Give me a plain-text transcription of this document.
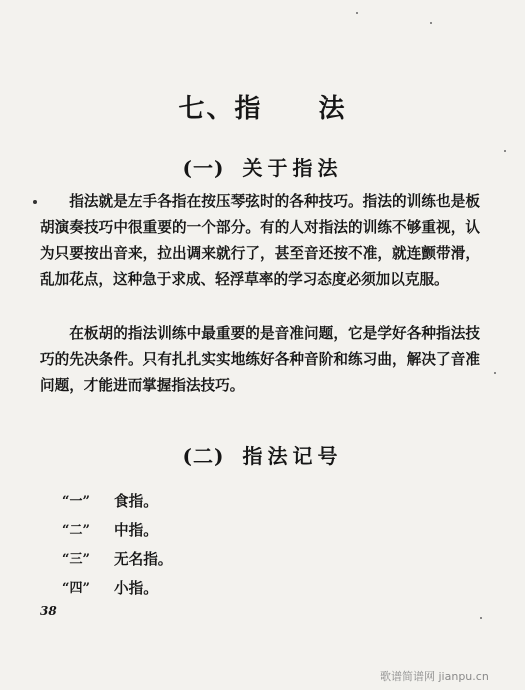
七、指 法
(一) 关于指法

指法就是左手各指在按压琴弦时的各种技巧。指法的训练也是板胡演奏技巧中很重要的一个部分。有的人对指法的训练不够重视，认为只要按出音来，拉出调来就行了，甚至音还按不准，就连颤带滑，乱加花点，这种急于求成、轻浮草率的学习态度必须加以克服。

在板胡的指法训练中最重要的是音准问题，它是学好各种指法技巧的先决条件。只有扎扎实实地练好各种音阶和练习曲，解决了音准问题，才能进而掌握指法技巧。

(二) 指法记号
“一”	食指。
“二”	中指。
“三”	无名指。
“四”	小指。
38
歌谱简谱网 jianpu.cn
